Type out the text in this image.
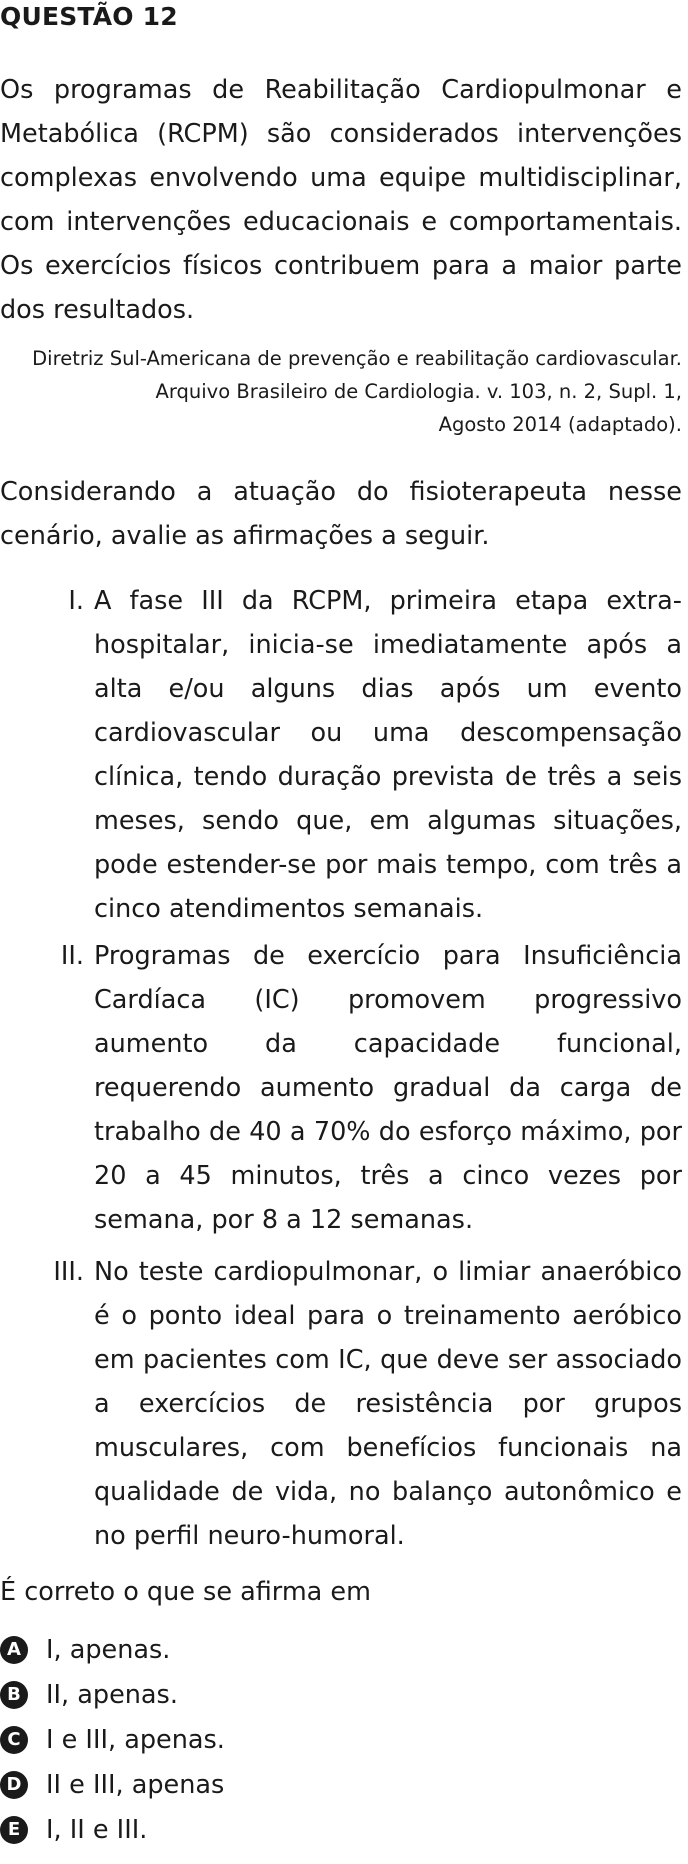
QUESTÃO 12

Os programas de Reabilitação Cardiopulmonar e Metabólica (RCPM) são considerados intervenções complexas envolvendo uma equipe multidisciplinar, com intervenções educacionais e comportamentais. Os exercícios físicos contribuem para a maior parte dos resultados.

Diretriz Sul-Americana de prevenção e reabilitação cardiovascular.
Arquivo Brasileiro de Cardiologia. v. 103, n. 2, Supl. 1,
Agosto 2014 (adaptado).

Considerando a atuação do fisioterapeuta nesse cenário, avalie as afirmações a seguir.

I. A fase III da RCPM, primeira etapa extra-hospitalar, inicia-se imediatamente após a alta e/ou alguns dias após um evento cardiovascular ou uma descompensação clínica, tendo duração prevista de três a seis meses, sendo que, em algumas situações, pode estender-se por mais tempo, com três a cinco atendimentos semanais.

II. Programas de exercício para Insuficiência Cardíaca (IC) promovem progressivo aumento da capacidade funcional, requerendo aumento gradual da carga de trabalho de 40 a 70% do esforço máximo, por 20 a 45 minutos, três a cinco vezes por semana, por 8 a 12 semanas.

III. No teste cardiopulmonar, o limiar anaeróbico é o ponto ideal para o treinamento aeróbico em pacientes com IC, que deve ser associado a exercícios de resistência por grupos musculares, com benefícios funcionais na qualidade de vida, no balanço autonômico e no perfil neuro-humoral.

É correto o que se afirma em

A I, apenas.
B II, apenas.
C I e III, apenas.
D II e III, apenas
E	I, II e III.
